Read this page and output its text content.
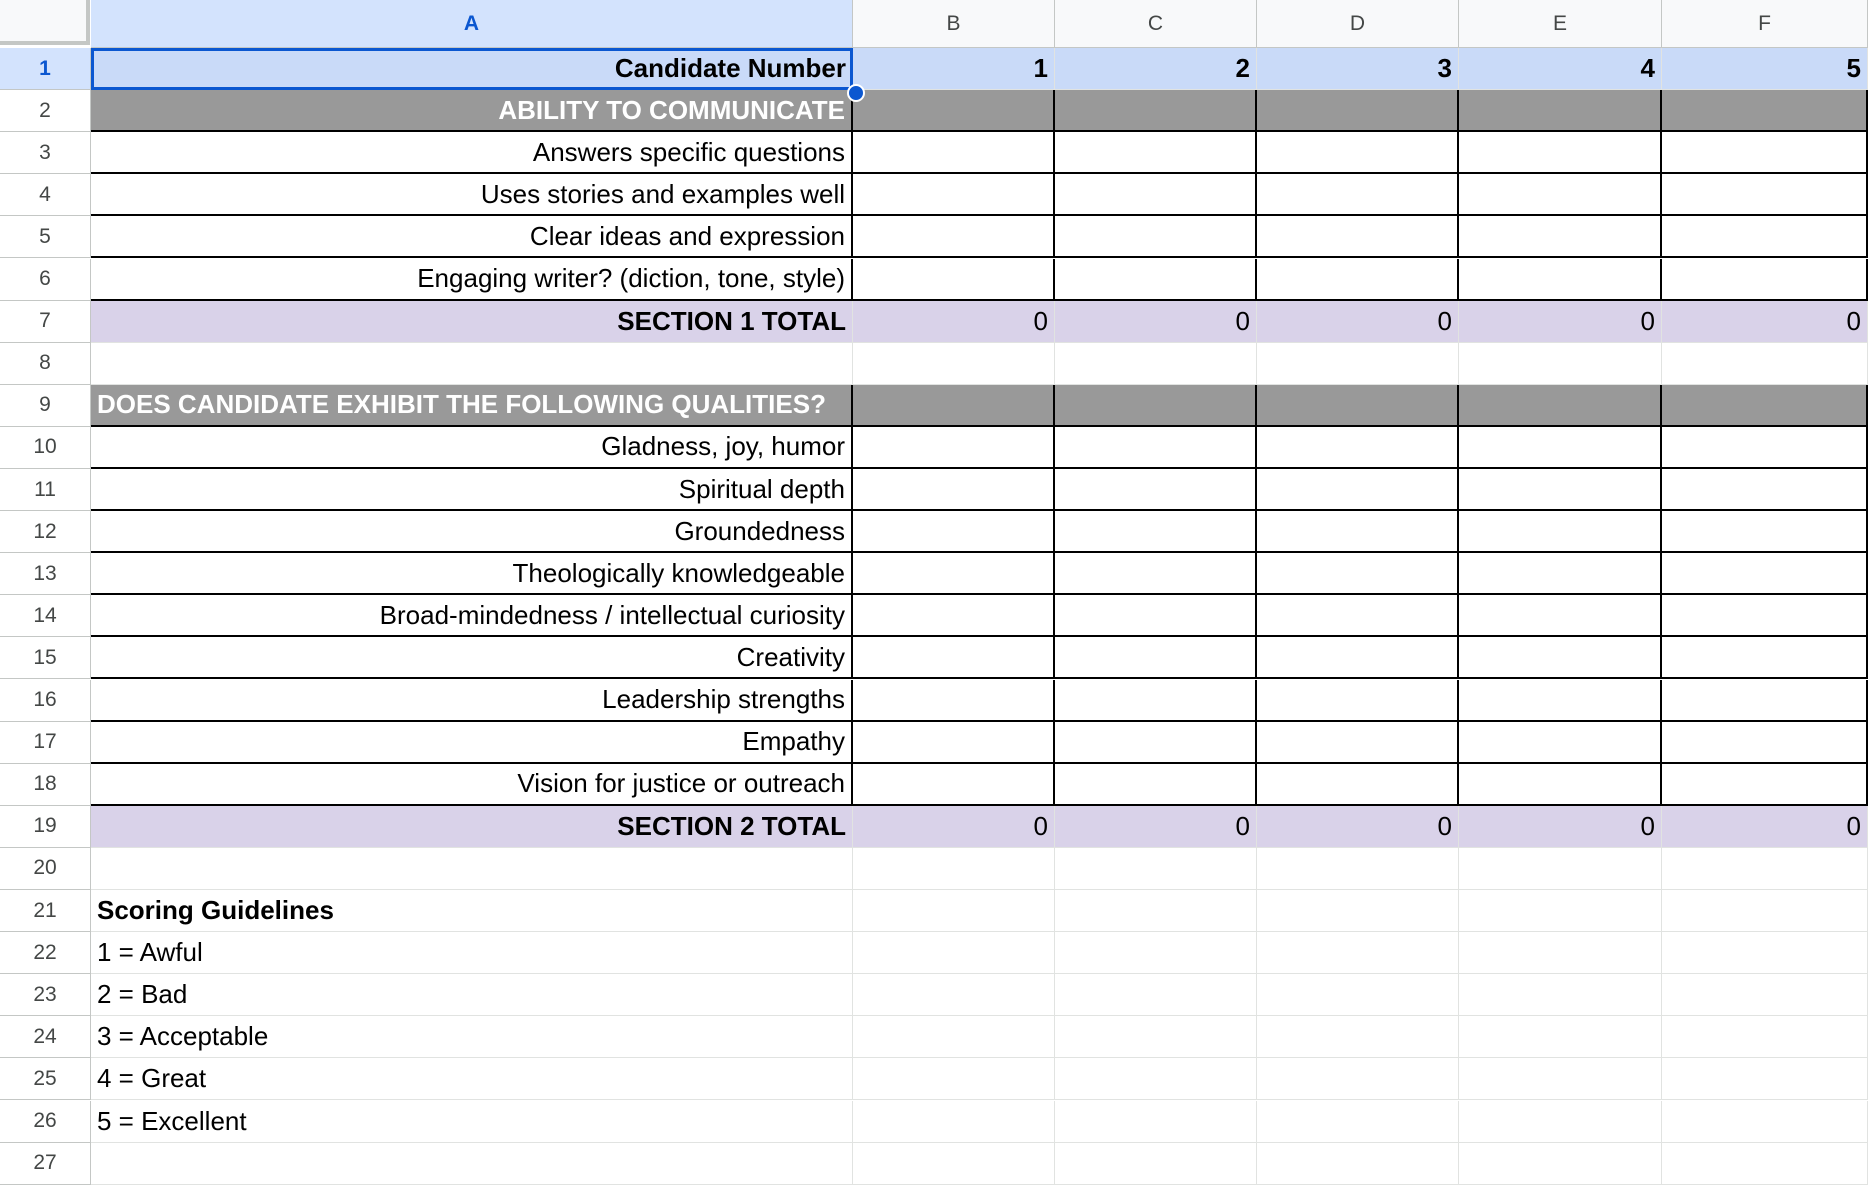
A	B	C	D	E	F
1	Candidate Number	1	2	3	4	5
2	ABILITY TO COMMUNICATE
3	Answers specific questions
4	Uses stories and examples well
5	Clear ideas and expression
6	Engaging writer? (diction, tone, style)
7	SECTION 1 TOTAL	0	0	0	0	0
8
9	DOES CANDIDATE EXHIBIT THE FOLLOWING QUALITIES?
10	Gladness, joy, humor
11	Spiritual depth
12	Groundedness
13	Theologically knowledgeable
14	Broad-mindedness / intellectual curiosity
15	Creativity
16	Leadership strengths
17	Empathy
18	Vision for justice or outreach
19	SECTION 2 TOTAL	0	0	0	0	0
20
21	Scoring Guidelines
22	1 = Awful
23	2 = Bad
24	3 = Acceptable
25	4 = Great
26	5 = Excellent
27
